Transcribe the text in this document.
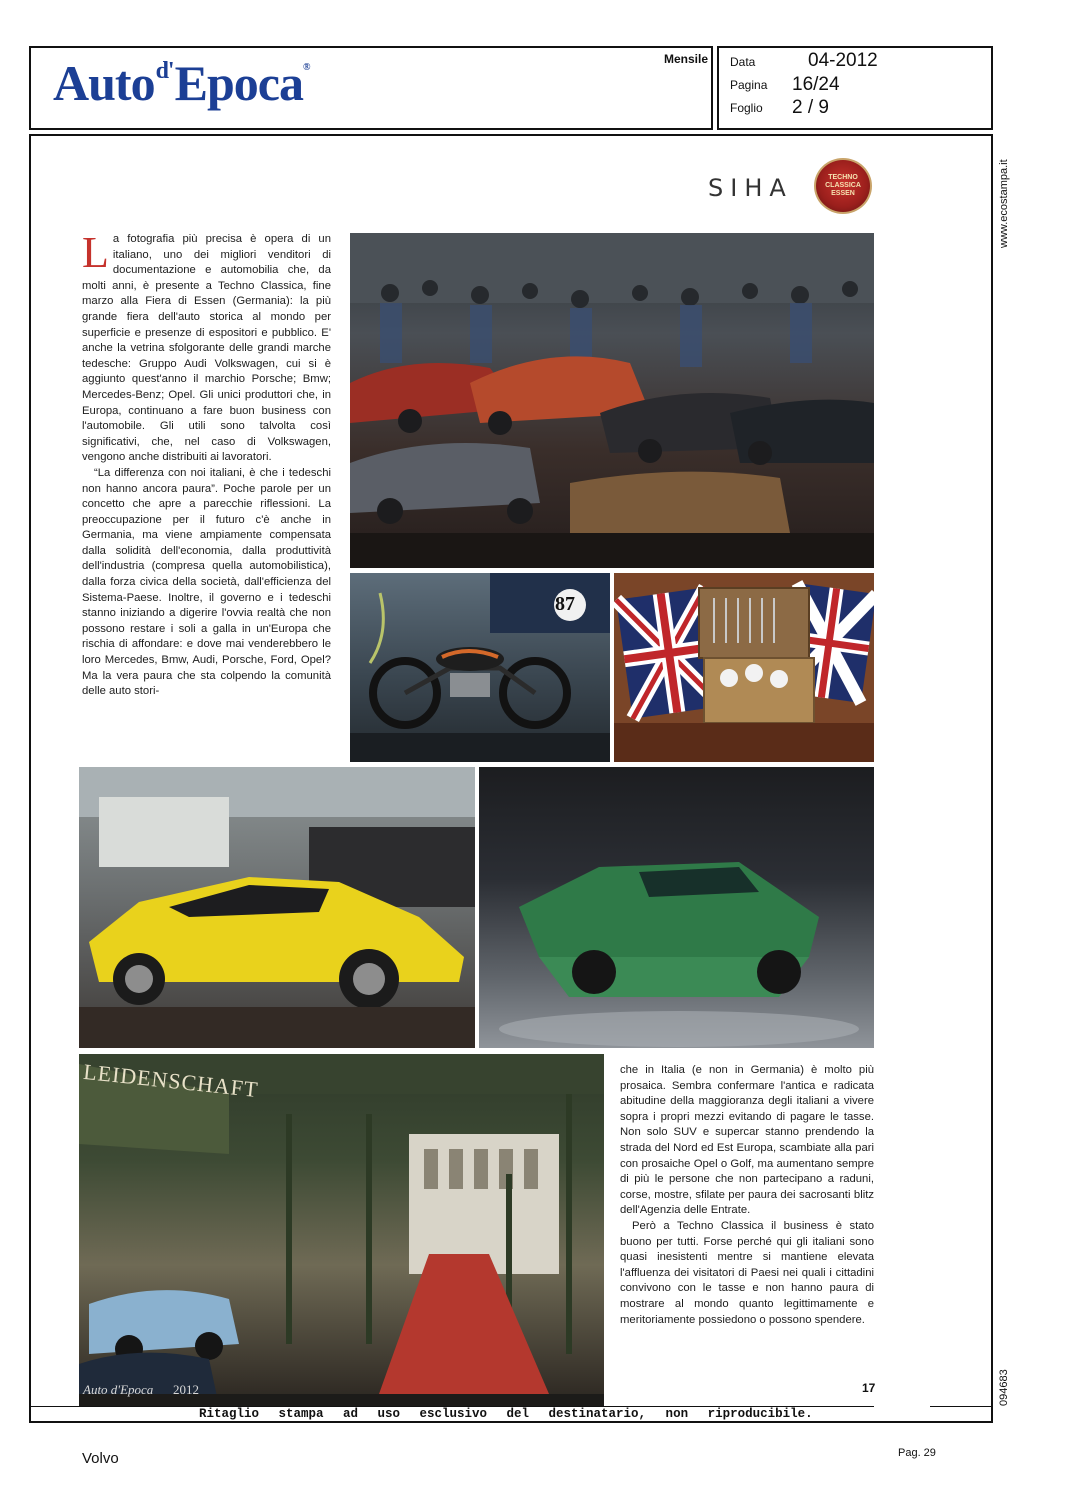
Auto$^{d'}$Epoca®
Mensile Data	04-2012
Pagina 16/24
Foglio 2 / 9
www.ecostampa.it
094683
SIHA	TECHNO
CLASSICA
ESSEN

La fotografia più precisa è opera di un italiano, uno dei migliori venditori di documentazione e automobilia che, da molti anni, è presente a Techno Classica, fine marzo alla Fiera di Essen (Germania): la più grande fiera dell'auto storica al mondo per superficie e presenze di espositori e pubblico. E' anche la vetrina sfolgorante delle grandi marche tedesche: Gruppo Audi Volkswagen, cui si è aggiunto quest'anno il marchio Porsche; Bmw; Mercedes-Benz; Opel. Gli unici produttori che, in Europa, continuano a fare buon business con l'automobile. Gli utili sono talvolta così significativi, che, nel caso di Volkswagen, vengono anche distribuiti ai lavoratori.

“La differenza con noi italiani, è che i tedeschi non hanno ancora paura”. Poche parole per un concetto che apre a parecchie riflessioni. La preoccupazione per il futuro c'è anche in Germania, ma viene ampiamente compensata dalla solidità dell'economia, dalla produttività dell'industria (compresa quella automobilistica), dalla forza civica della società, dall'efficienza del Sistema-Paese. Inoltre, il governo e i tedeschi stanno iniziando a digerire l'ovvia realtà che non possono restare i soli a galla in un'Europa che rischia di affondare: e dove mai venderebbero le loro Mercedes, Bmw, Audi, Porsche, Ford, Opel? Ma la vera paura che sta colpendo la comunità delle auto stori-

che in Italia (e non in Germania) è molto più prosaica. Sembra confermare l'antica e radicata abitudine della maggioranza degli italiani a vivere sopra i propri mezzi evitando di pagare le tasse. Non solo SUV e supercar stanno prendendo la strada del Nord ed Est Europa, scambiate alla pari con prosaiche Opel o Golf, ma aumentano sempre di più le persone che non partecipano a raduni, corse, mostre, sfilate per paura dei sacrosanti blitz dell'Agenzia delle Entrate.

Però a Techno Classica il business è stato buono per tutti. Forse perché qui gli italiani sono quasi inesistenti mentre si mantiene elevata l'affluenza dei visitatori di Paesi nei quali i cittadini convivono con le tasse e non hanno paura di mostrare al mondo quanto legittimamente e meritoriamente possiedono o possono spendere.

17
87
LEIDENSCHAFT
Auto d'Epoca 2012
Ritaglio stampa ad uso esclusivo del destinatario, non riproducibile.
Volvo	Pag. 29
